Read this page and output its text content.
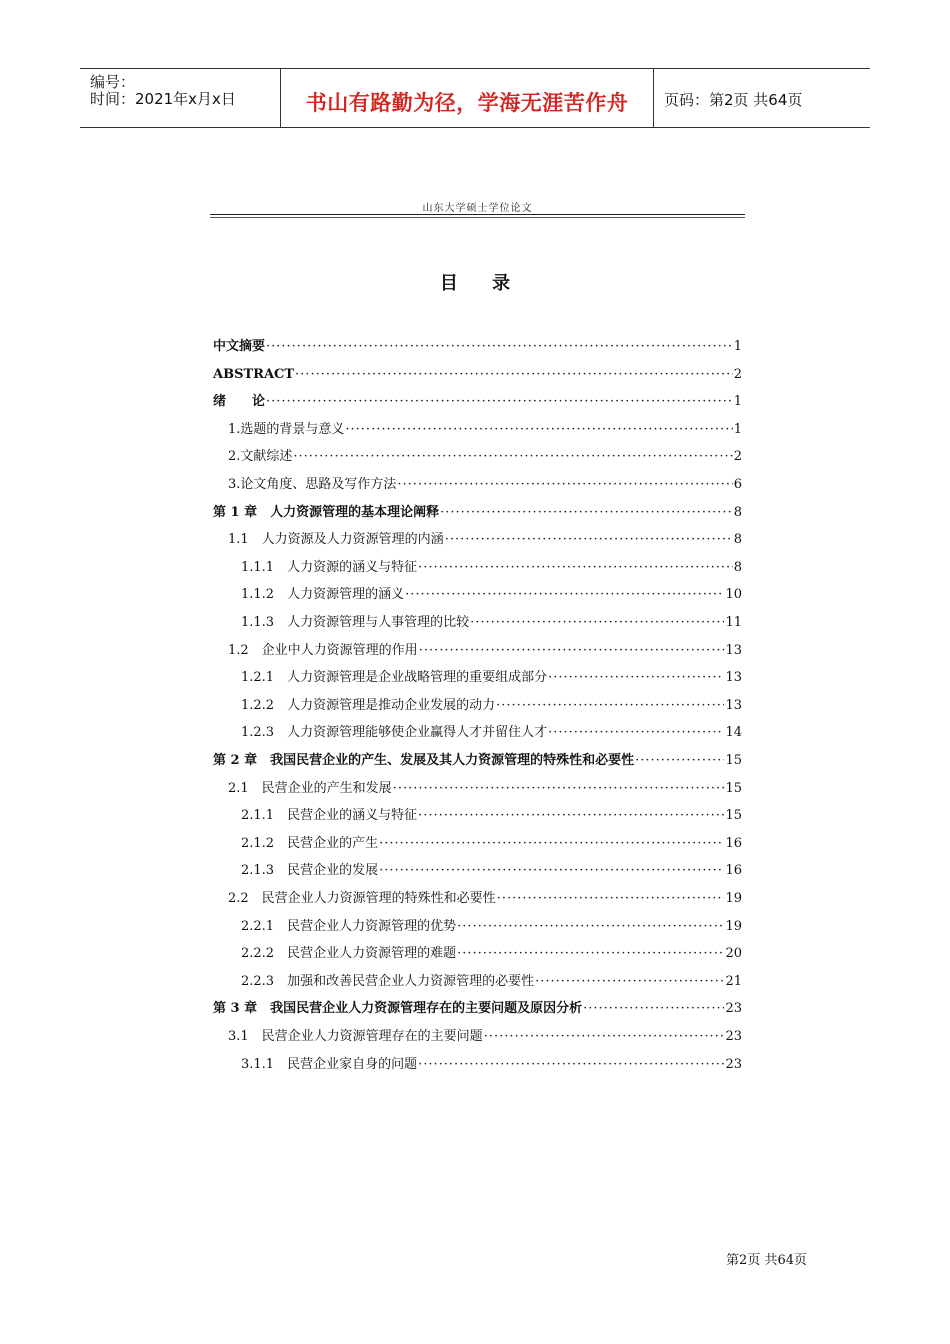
编号：
时间：2021年x月x日	书山有路勤为径，学海无涯苦作舟	页码：第2页 共64页
山东大学硕士学位论文
目 录
中文摘要 ·····	1
ABSTRACT ·····	2
绪　　论 ·····	1
1.选题的背景与意义 ·····	1
2.文献综述 ·····	2
3.论文角度、思路及写作方法 ·····	6
第 1 章　人力资源管理的基本理论阐释 ·····	8
1.1　人力资源及人力资源管理的内涵 ·····	8
1.1.1　人力资源的涵义与特征 ·····	8
1.1.2　人力资源管理的涵义 ·····	10
1.1.3　人力资源管理与人事管理的比较 ·····	11
1.2　企业中人力资源管理的作用 ·····	13
1.2.1　人力资源管理是企业战略管理的重要组成部分 ·····	13
1.2.2　人力资源管理是推动企业发展的动力 ·····	13
1.2.3　人力资源管理能够使企业赢得人才并留住人才 ·····	14
第 2 章　我国民营企业的产生、发展及其人力资源管理的特殊性和必要性 ·····	15
2.1　民营企业的产生和发展 ·····	15
2.1.1　民营企业的涵义与特征 ·····	15
2.1.2　民营企业的产生 ·····	16
2.1.3　民营企业的发展 ·····	16
2.2　民营企业人力资源管理的特殊性和必要性 ·····	19
2.2.1　民营企业人力资源管理的优势 ·····	19
2.2.2　民营企业人力资源管理的难题 ·····	20
2.2.3　加强和改善民营企业人力资源管理的必要性 ·····	21
第 3 章　我国民营企业人力资源管理存在的主要问题及原因分析 ·····	23
3.1　民营企业人力资源管理存在的主要问题 ·····	23
3.1.1　民营企业家自身的问题 ·····	23
第2页 共64页
